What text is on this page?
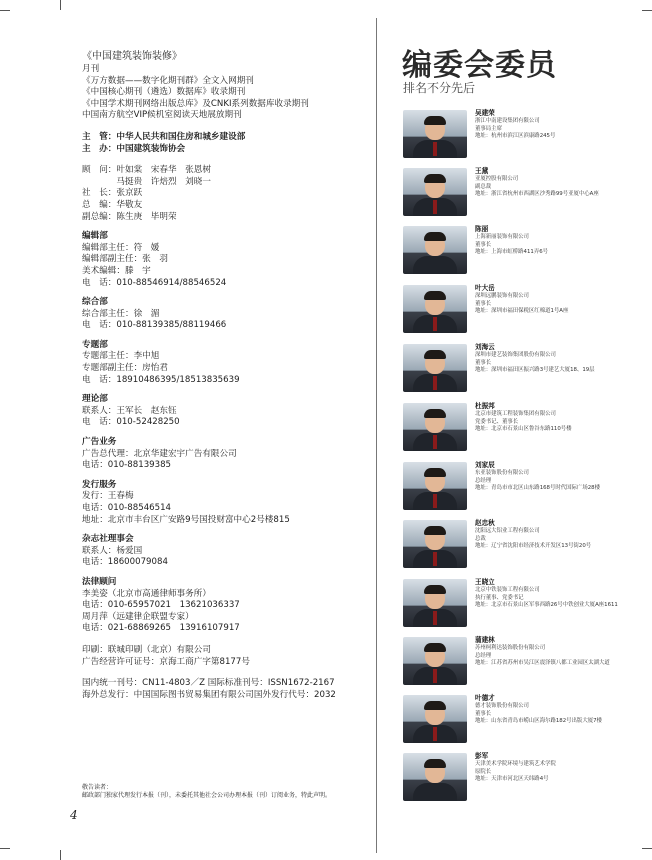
《中国建筑装饰装修》

月刊

《万方数据——数字化期刊群》全文入网期刊

《中国核心期刊（遴选）数据库》收录期刊

《中国学术期刊网络出版总库》及CNKI系列数据库收录期刊

中国南方航空VIP候机室阅读天地展放期刊

主　管：中华人民共和国住房和城乡建设部

主　办：中国建筑装饰协会

顾　问：叶如棠　宋春华　张恩树

　　　　马挺贵　许焙烈　刘晓一

社　长：张京跃

总　编：华敬友

副总编：陈生庚　毕明荣

编辑部

编辑部主任：符　媛

编辑部副主任：张　羽

美术编辑：滕　宇

电　话：010-88546914/88546524

综合部

综合部主任：徐　湄

电　话：010-88139385/88119466

专题部

专题部主任：李中旭

专题部副主任：房怡君

电　话：18910486395/18513835639

理论部

联系人：王军长　赵东钰

电　话：010-52428250

广告业务

广告总代理：北京华建宏宇广告有限公司

电话：010-88139385

发行服务

发行：王春梅

电话：010-88546514

地址：北京市丰台区广安路9号国投财富中心2号楼815

杂志社理事会

联系人：杨爱国

电话：18600079084

法律顾问

李美姿（北京市高通律师事务所）

电话：010-65957021　13621036337

周月萍（远建律企联盟专家）

电话：021-68869265　13916107917

印刷：联城印刷（北京）有限公司

广告经营许可证号：京海工商广字第8177号

国内统一刊号：CN11-4803／Z 国际标准刊号：ISSN1672-2167

海外总发行：中国国际图书贸易集团有限公司国外发行代号：2032

敬告读者：
邮政部门独家代理发行本报（刊），未委托其他社会公司办理本报（刊）订阅业务，特此声明。
4
编委会委员
排名不分先后
吴建荣
浙江中南建设集团有限公司
董事局主席
地址：杭州市滨江区滨康路245号
王黛
亚厦控股有限公司
副总裁
地址：浙江省杭州市西湖区沙秀路99号亚厦中心A座
陈丽
上海新丽装饰有限公司
董事长
地址：上海市虹桥路411弄6号
叶大岳
深圳远鹏装饰有限公司
董事长
地址：深圳市福田保税区红棉道1号A座
刘海云
深圳市建艺装饰集团股份有限公司
董事长
地址：深圳市福田区振兴路3号建艺大厦18、19层
杜振邦
北京市建筑工程装饰集团有限公司
党委书记、董事长
地址：北京市石景山区鲁谷东路110号楼
刘家辰
东亚装饰股份有限公司
总经理
地址：青岛市市北区山东路168号时代国际广场28楼
赵忠秋
沈阳远大铝业工程有限公司
总裁
地址：辽宁省沈阳市经济技术开发区13号街20号
王晓立
北京中铁装饰工程有限公司
执行董事、党委书记
地址：北京市石景山区军事西路26号中铁创业大厦A座1611
蒲建林
苏州柯利达装饰股份有限公司
总经理
地址：江苏省苏州市吴江区震泽镇八都工业园区太湖大道
叶德才
德才装饰股份有限公司
董事长
地址：山东省青岛市崂山区海尔路182号出版大厦7楼
彭军
天津美术学院环境与建筑艺术学院
原院长
地址：天津市河北区天纬路4号
